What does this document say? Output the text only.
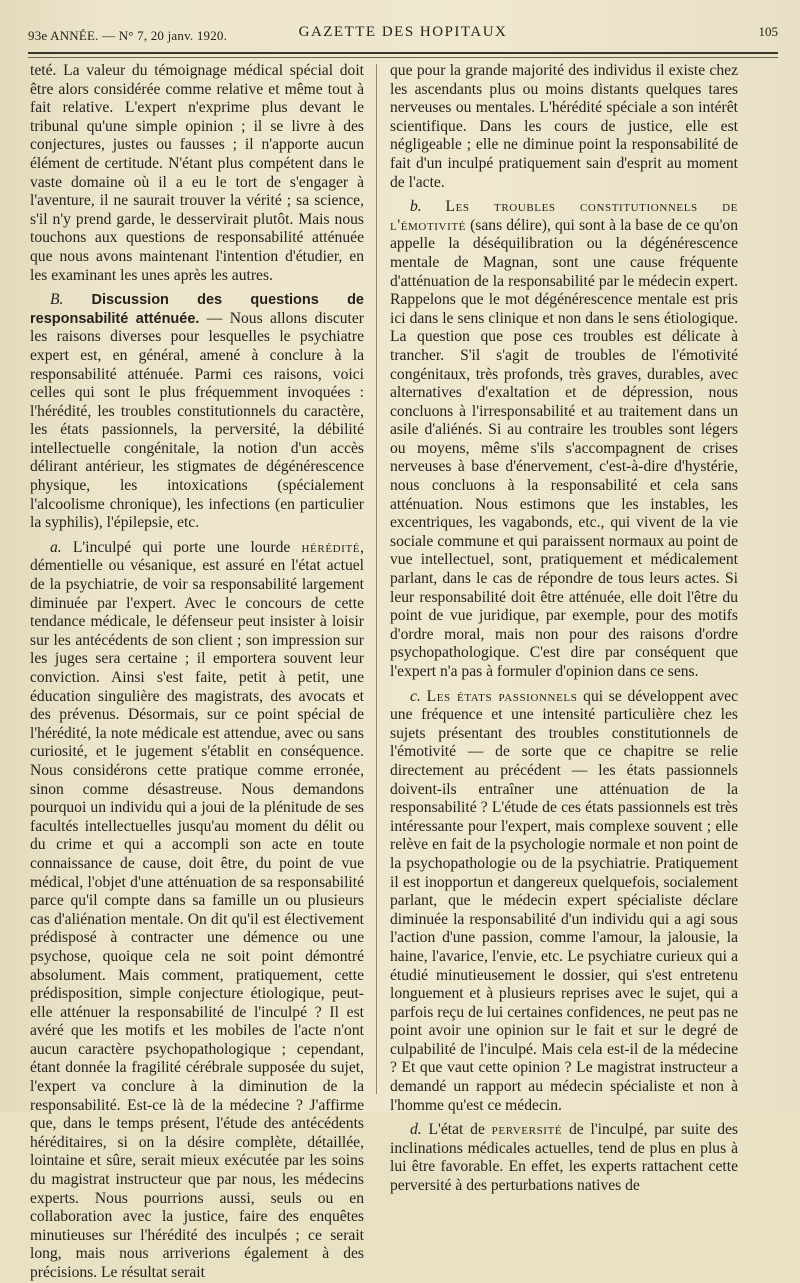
93e ANNÉE. — N° 7, 20 janv. 1920.	GAZETTE DES HOPITAUX	105

teté. La valeur du témoignage médical spécial doit être alors considérée comme relative et même tout à fait relative. L'expert n'exprime plus devant le tribunal qu'une simple opinion ; il se livre à des conjectures, justes ou fausses ; il n'apporte aucun élément de certitude. N'étant plus compétent dans le vaste domaine où il a eu le tort de s'engager à l'aventure, il ne saurait trouver la vérité ; sa science, s'il n'y prend garde, le desservirait plutôt. Mais nous touchons aux questions de responsabilité atténuée que nous avons maintenant l'intention d'étudier, en les examinant les unes après les autres.

B. Discussion des questions de responsabilité atténuée. — Nous allons discuter les raisons diverses pour lesquelles le psychiatre expert est, en général, amené à conclure à la responsabilité atténuée. Parmi ces raisons, voici celles qui sont le plus fréquemment invoquées : l'hérédité, les troubles constitutionnels du caractère, les états passionnels, la perversité, la débilité intellectuelle congénitale, la notion d'un accès délirant antérieur, les stigmates de dégénérescence physique, les intoxications (spécialement l'alcoolisme chronique), les infections (en particulier la syphilis), l'épilepsie, etc.

a. L'inculpé qui porte une lourde hérédité, démentielle ou vésanique, est assuré en l'état actuel de la psychiatrie, de voir sa responsabilité largement diminuée par l'expert. Avec le concours de cette tendance médicale, le défenseur peut insister à loisir sur les antécédents de son client ; son impression sur les juges sera certaine ; il emportera souvent leur conviction. Ainsi s'est faite, petit à petit, une éducation singulière des magistrats, des avocats et des prévenus. Désormais, sur ce point spécial de l'hérédité, la note médicale est attendue, avec ou sans curiosité, et le jugement s'établit en conséquence. Nous considérons cette pratique comme erronée, sinon comme désastreuse. Nous demandons pourquoi un individu qui a joui de la plénitude de ses facultés intellectuelles jusqu'au moment du délit ou du crime et qui a accompli son acte en toute connaissance de cause, doit être, du point de vue médical, l'objet d'une atténuation de sa responsabilité parce qu'il compte dans sa famille un ou plusieurs cas d'aliénation mentale. On dit qu'il est électivement prédisposé à contracter une démence ou une psychose, quoique cela ne soit point démontré absolument. Mais comment, pratiquement, cette prédisposition, simple conjecture étiologique, peut-elle atténuer la responsabilité de l'inculpé ? Il est avéré que les motifs et les mobiles de l'acte n'ont aucun caractère psychopathologique ; cependant, étant donnée la fragilité cérébrale supposée du sujet, l'expert va conclure à la diminution de la responsabilité. Est-ce là de la médecine ? J'affirme que, dans le temps présent, l'étude des antécédents héréditaires, si on la désire complète, détaillée, lointaine et sûre, serait mieux exécutée par les soins du magistrat instructeur que par nous, les médecins experts. Nous pourrions aussi, seuls ou en collaboration avec la justice, faire des enquêtes minutieuses sur l'hérédité des inculpés ; ce serait long, mais nous arriverions également à des précisions. Le résultat serait

que pour la grande majorité des individus il existe chez les ascendants plus ou moins distants quelques tares nerveuses ou mentales. L'hérédité spéciale a son intérêt scientifique. Dans les cours de justice, elle est négligeable ; elle ne diminue point la responsabilité de fait d'un inculpé pratiquement sain d'esprit au moment de l'acte.

b. Les troubles constitutionnels de l'émotivité (sans délire), qui sont à la base de ce qu'on appelle la déséquilibration ou la dégénérescence mentale de Magnan, sont une cause fréquente d'atténuation de la responsabilité par le médecin expert. Rappelons que le mot dégénérescence mentale est pris ici dans le sens clinique et non dans le sens étiologique. La question que pose ces troubles est délicate à trancher. S'il s'agit de troubles de l'émotivité congénitaux, très profonds, très graves, durables, avec alternatives d'exaltation et de dépression, nous concluons à l'irresponsabilité et au traitement dans un asile d'aliénés. Si au contraire les troubles sont légers ou moyens, même s'ils s'accompagnent de crises nerveuses à base d'énervement, c'est-à-dire d'hystérie, nous concluons à la responsabilité et cela sans atténuation. Nous estimons que les instables, les excentriques, les vagabonds, etc., qui vivent de la vie sociale commune et qui paraissent normaux au point de vue intellectuel, sont, pratiquement et médicalement parlant, dans le cas de répondre de tous leurs actes. Si leur responsabilité doit être atténuée, elle doit l'être du point de vue juridique, par exemple, pour des motifs d'ordre moral, mais non pour des raisons d'ordre psychopathologique. C'est dire par conséquent que l'expert n'a pas à formuler d'opinion dans ce sens.

c. Les états passionnels qui se développent avec une fréquence et une intensité particulière chez les sujets présentant des troubles constitutionnels de l'émotivité — de sorte que ce chapitre se relie directement au précédent — les états passionnels doivent-ils entraîner une atténuation de la responsabilité ? L'étude de ces états passionnels est très intéressante pour l'expert, mais complexe souvent ; elle relève en fait de la psychologie normale et non point de la psychopathologie ou de la psychiatrie. Pratiquement il est inopportun et dangereux quelquefois, socialement parlant, que le médecin expert spécialiste déclare diminuée la responsabilité d'un individu qui a agi sous l'action d'une passion, comme l'amour, la jalousie, la haine, l'avarice, l'envie, etc. Le psychiatre curieux qui a étudié minutieusement le dossier, qui s'est entretenu longuement et à plusieurs reprises avec le sujet, qui a parfois reçu de lui certaines confidences, ne peut pas ne point avoir une opinion sur le fait et sur le degré de culpabilité de l'inculpé. Mais cela est-il de la médecine ? Et que vaut cette opinion ? Le magistrat instructeur a demandé un rapport au médecin spécialiste et non à l'homme qu'est ce médecin.

d. L'état de perversité de l'inculpé, par suite des inclinations médicales actuelles, tend de plus en plus à lui être favorable. En effet, les experts rattachent cette perversité à des perturbations natives de
